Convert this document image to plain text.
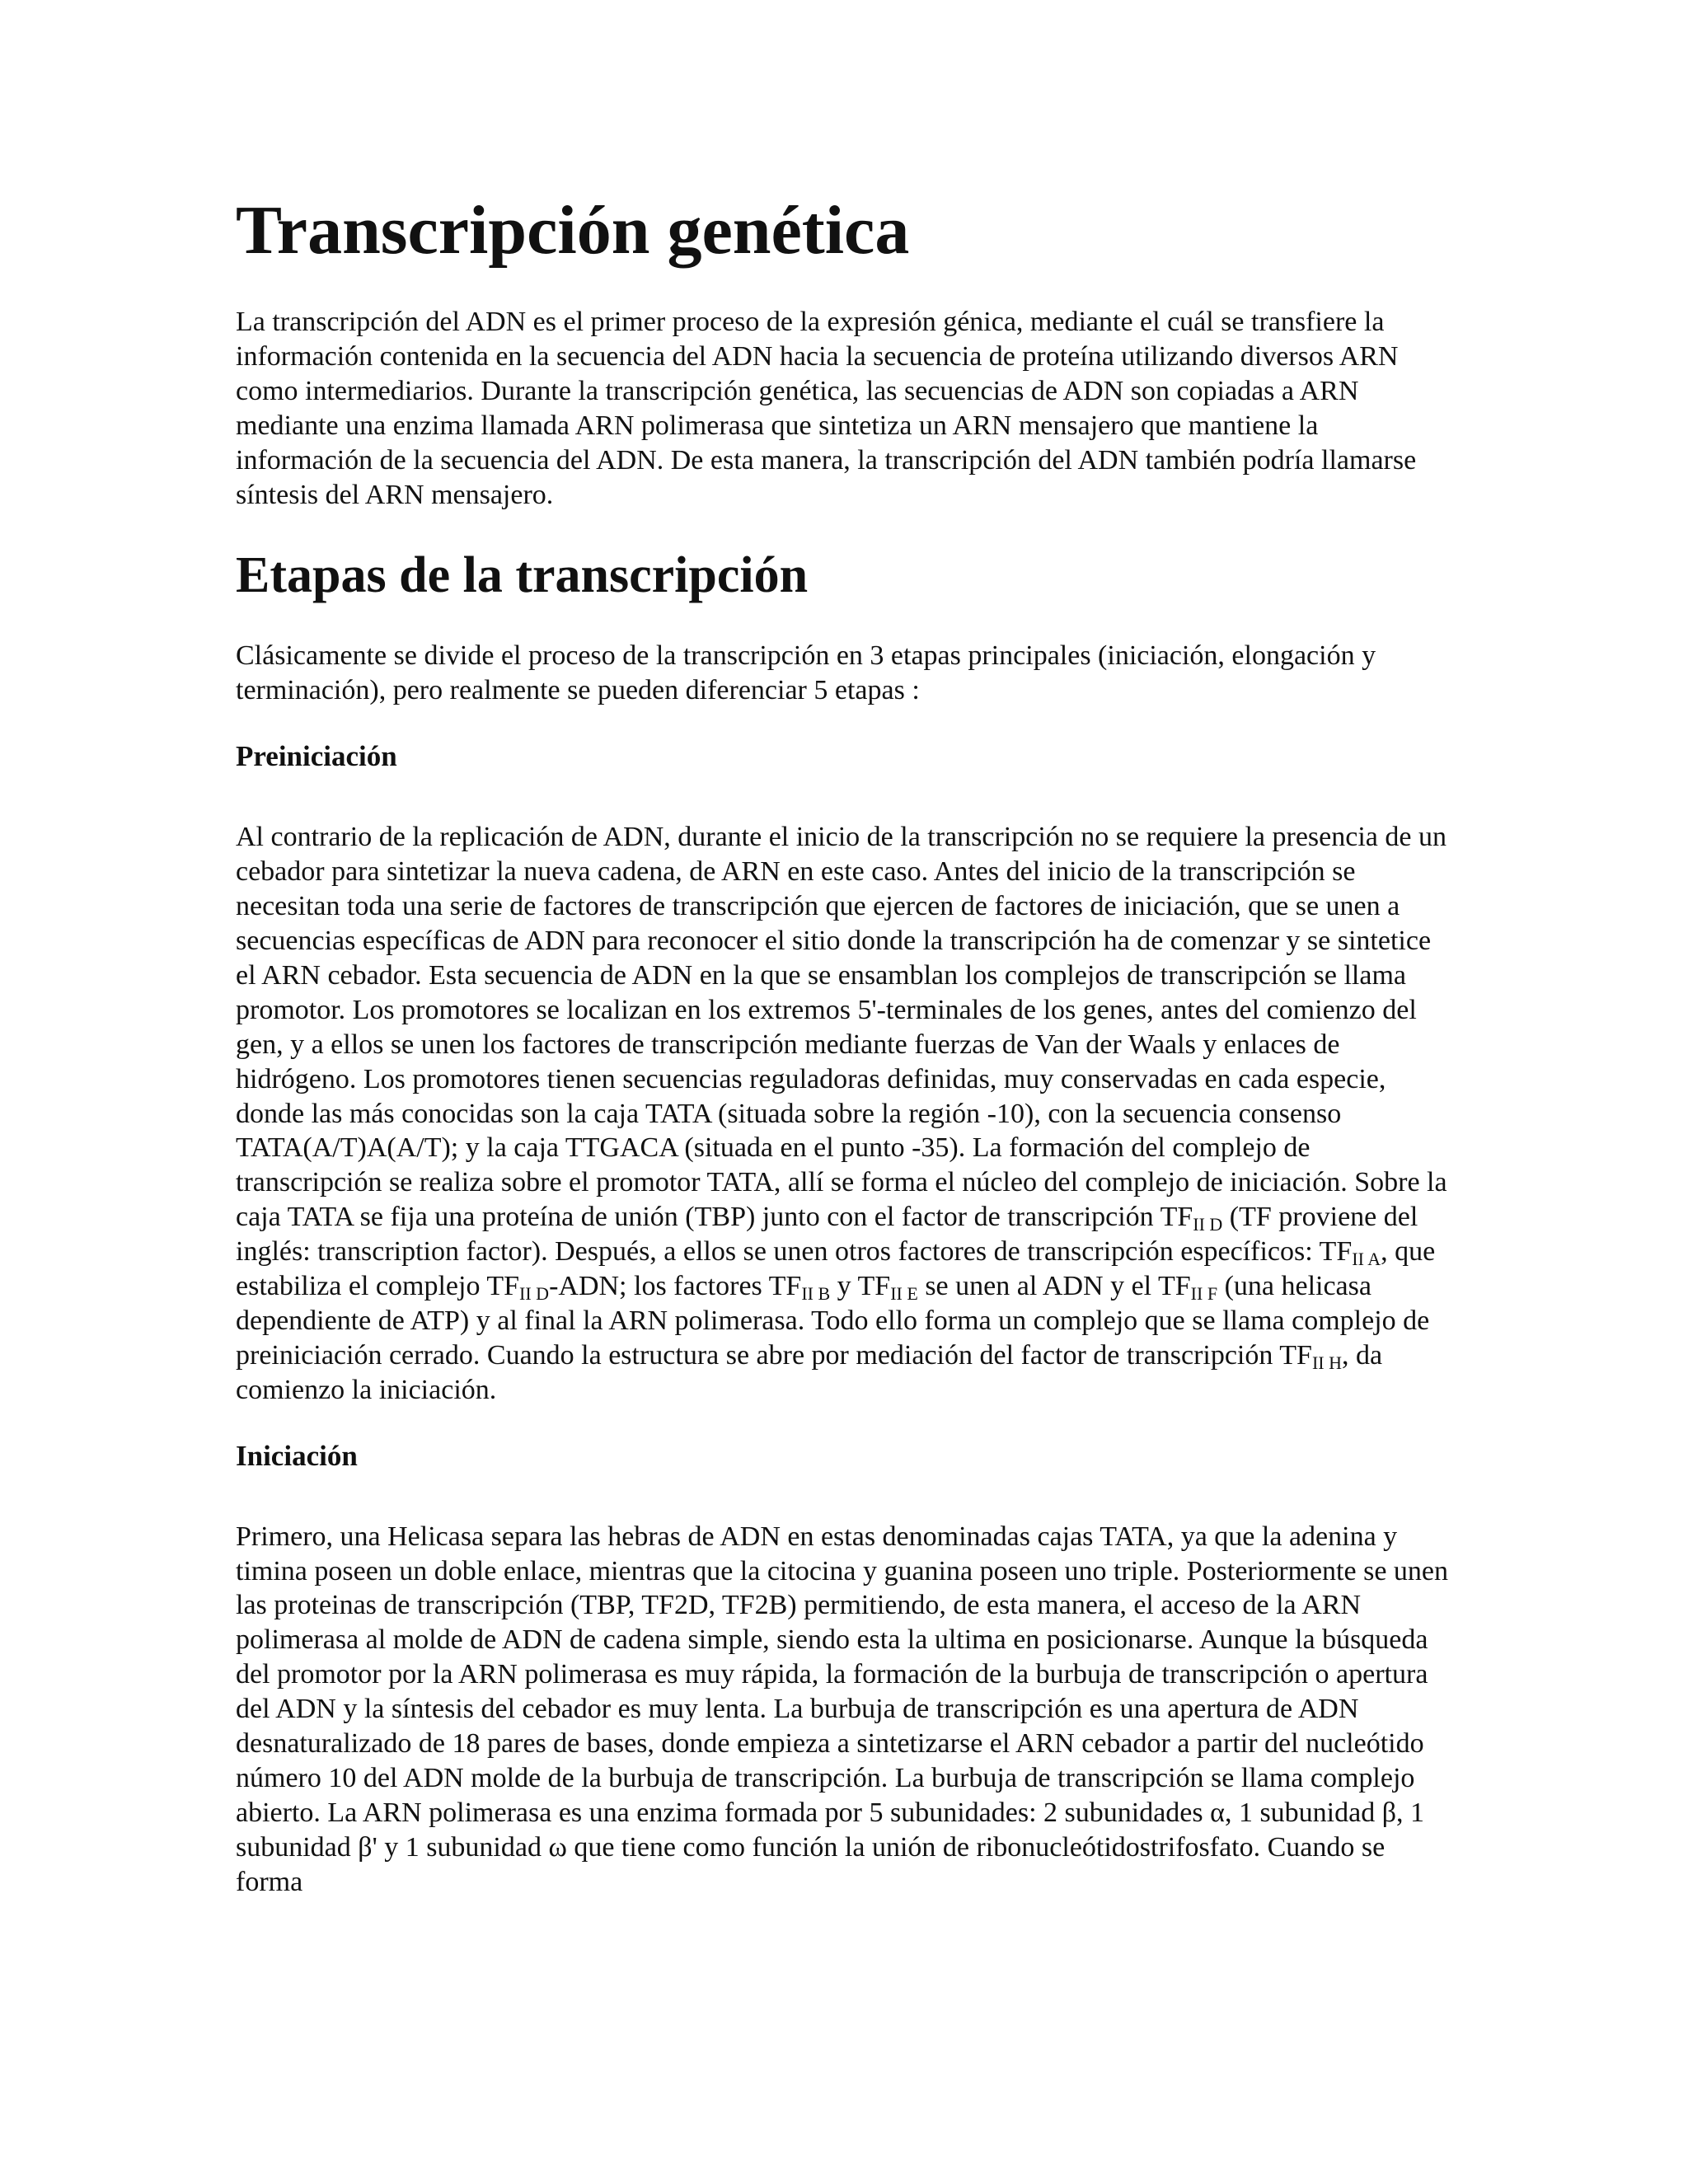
Transcripción genética

La transcripción del ADN es el primer proceso de la expresión génica, mediante el cuál se transfiere la información contenida en la secuencia del ADN hacia la secuencia de proteína utilizando diversos ARN como intermediarios. Durante la transcripción genética, las secuencias de ADN son copiadas a ARN mediante una enzima llamada ARN polimerasa que sintetiza un ARN mensajero que mantiene la información de la secuencia del ADN. De esta manera, la transcripción del ADN también podría llamarse síntesis del ARN mensajero.

Etapas de la transcripción

Clásicamente se divide el proceso de la transcripción en 3 etapas principales (iniciación, elongación y terminación), pero realmente se pueden diferenciar 5 etapas :

Preiniciación

Al contrario de la replicación de ADN, durante el inicio de la transcripción no se requiere la presencia de un cebador para sintetizar la nueva cadena, de ARN en este caso. Antes del inicio de la transcripción se necesitan toda una serie de factores de transcripción que ejercen de factores de iniciación, que se unen a secuencias específicas de ADN para reconocer el sitio donde la transcripción ha de comenzar y se sintetice el ARN cebador. Esta secuencia de ADN en la que se ensamblan los complejos de transcripción se llama promotor. Los promotores se localizan en los extremos 5'-terminales de los genes, antes del comienzo del gen, y a ellos se unen los factores de transcripción mediante fuerzas de Van der Waals y enlaces de hidrógeno. Los promotores tienen secuencias reguladoras definidas, muy conservadas en cada especie, donde las más conocidas son la caja TATA (situada sobre la región -10), con la secuencia consenso TATA(A/T)A(A/T); y la caja TTGACA (situada en el punto -35). La formación del complejo de transcripción se realiza sobre el promotor TATA, allí se forma el núcleo del complejo de iniciación. Sobre la caja TATA se fija una proteína de unión (TBP) junto con el factor de transcripción $TF_{II D}$ (TF proviene del inglés: transcription factor). Después, a ellos se unen otros factores de transcripción específicos: $TF_{II A}$, que estabiliza el complejo $TF_{II D}$-ADN; los factores $TF_{II B}$ y $TF_{II E}$ se unen al ADN y el $TF_{II F}$ (una helicasa dependiente de ATP) y al final la ARN polimerasa. Todo ello forma un complejo que se llama complejo de preiniciación cerrado. Cuando la estructura se abre por mediación del factor de transcripción $TF_{II H}$, da comienzo la iniciación.

Iniciación

Primero, una Helicasa separa las hebras de ADN en estas denominadas cajas TATA, ya que la adenina y timina poseen un doble enlace, mientras que la citocina y guanina poseen uno triple. Posteriormente se unen las proteinas de transcripción (TBP, TF2D, TF2B) permitiendo, de esta manera, el acceso de la ARN polimerasa al molde de ADN de cadena simple, siendo esta la ultima en posicionarse. Aunque la búsqueda del promotor por la ARN polimerasa es muy rápida, la formación de la burbuja de transcripción o apertura del ADN y la síntesis del cebador es muy lenta. La burbuja de transcripción es una apertura de ADN desnaturalizado de 18 pares de bases, donde empieza a sintetizarse el ARN cebador a partir del nucleótido número 10 del ADN molde de la burbuja de transcripción. La burbuja de transcripción se llama complejo abierto. La ARN polimerasa es una enzima formada por 5 subunidades: 2 subunidades α, 1 subunidad β, 1 subunidad β' y 1 subunidad ω que tiene como función la unión de ribonucleótidostrifosfato. Cuando se forma
